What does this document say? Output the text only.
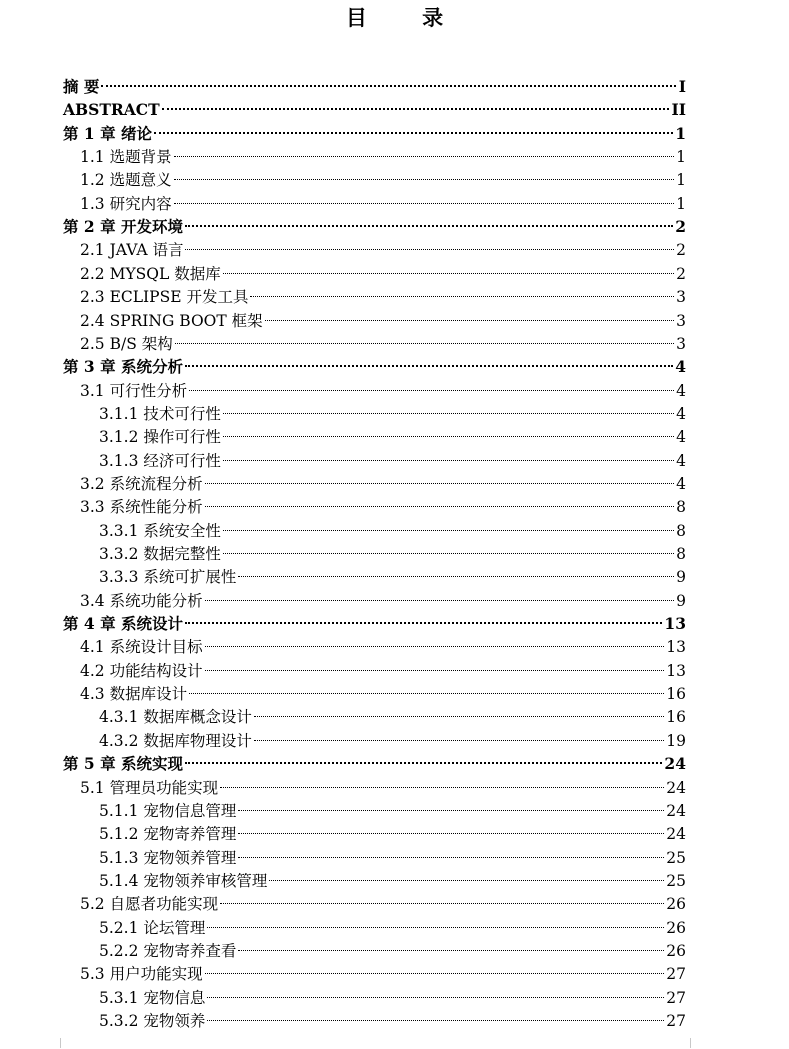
目 录
摘 要	I
ABSTRACT	II
第 1 章 绪论	1
1.1 选题背景	1
1.2 选题意义	1
1.3 研究内容	1
第 2 章 开发环境	2
2.1 JAVA 语言	2
2.2 MYSQL 数据库	2
2.3 ECLIPSE 开发工具	3
2.4 SPRING BOOT 框架	3
2.5 B/S 架构	3
第 3 章 系统分析	4
3.1 可行性分析	4
3.1.1 技术可行性	4
3.1.2 操作可行性	4
3.1.3 经济可行性	4
3.2 系统流程分析	4
3.3 系统性能分析	8
3.3.1 系统安全性	8
3.3.2 数据完整性	8
3.3.3 系统可扩展性	9
3.4 系统功能分析	9
第 4 章 系统设计	13
4.1 系统设计目标	13
4.2 功能结构设计	13
4.3 数据库设计	16
4.3.1 数据库概念设计	16
4.3.2 数据库物理设计	19
第 5 章 系统实现	24
5.1 管理员功能实现	24
5.1.1 宠物信息管理	24
5.1.2 宠物寄养管理	24
5.1.3 宠物领养管理	25
5.1.4 宠物领养审核管理	25
5.2 自愿者功能实现	26
5.2.1 论坛管理	26
5.2.2 宠物寄养查看	26
5.3 用户功能实现	27
5.3.1 宠物信息	27
5.3.2 宠物领养	27
